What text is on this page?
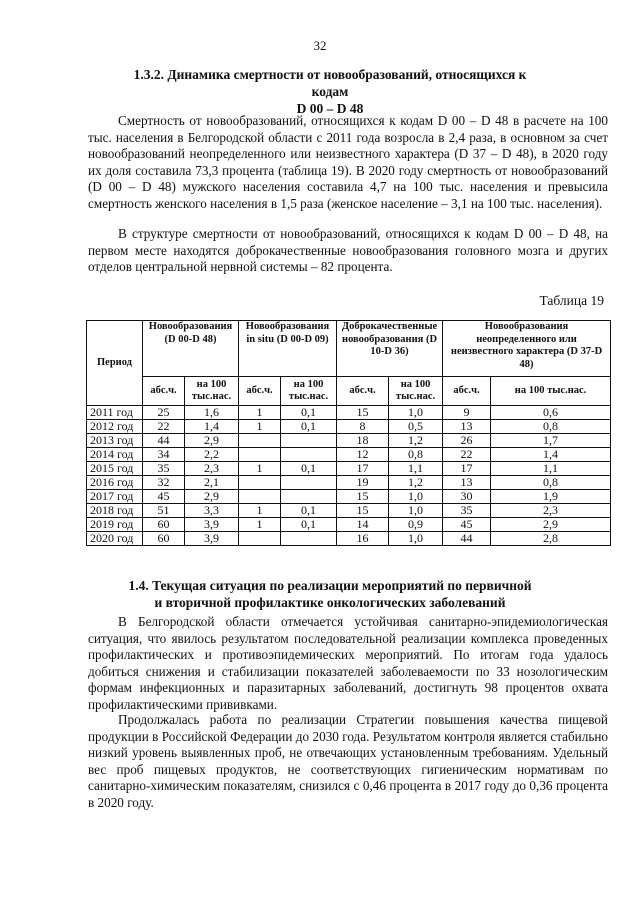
32
1.3.2. Динамика смертности от новообразований, относящихся к кодам
D 00 – D 48

Смертность от новообразований, относящихся к кодам D 00 – D 48 в расчете на 100 тыс. населения в Белгородской области с 2011 года возросла в 2,4 раза, в основном за счет новообразований неопределенного или неизвестного характера (D 37 – D 48), в 2020 году их доля составила 73,3 процента (таблица 19). В 2020 году смертность от новообразований (D 00 – D 48) мужского населения составила 4,7 на 100 тыс. населения и превысила смертность женского населения в 1,5 раза (женское население – 3,1 на 100 тыс. населения).

В структуре смертности от новообразований, относящихся к кодам D 00 – D 48, на первом месте находятся доброкачественные новообразования головного мозга и других отделов центральной нервной системы – 82 процента.

Таблица 19
Период	Новообразования (D 00-D 48)		Новообразования in situ (D 00-D 09)		Доброкачественные новообразования (D 10-D 36)		Новообразования неопределенного или неизвестного характера (D 37-D 48)	
	абс.ч.	на 100 тыс.нас.	абс.ч.	на 100 тыс.нас.	абс.ч.	на 100 тыс.нас.	абс.ч.	на 100 тыс.нас.
2011 год	25	1,6	1	0,1	15	1,0	9	0,6
2012 год	22	1,4	1	0,1	8	0,5	13	0,8
2013 год	44	2,9			18	1,2	26	1,7
2014 год	34	2,2			12	0,8	22	1,4
2015 год	35	2,3	1	0,1	17	1,1	17	1,1
2016 год	32	2,1			19	1,2	13	0,8
2017 год	45	2,9			15	1,0	30	1,9
2018 год	51	3,3	1	0,1	15	1,0	35	2,3
2019 год	60	3,9	1	0,1	14	0,9	45	2,9
2020 год	60	3,9			16	1,0	44	2,8
1.4. Текущая ситуация по реализации мероприятий по первичной
и вторичной профилактике онкологических заболеваний

В Белгородской области отмечается устойчивая санитарно-эпидемиологическая ситуация, что явилось результатом последовательной реализации комплекса проведенных профилактических и противоэпидемических мероприятий. По итогам года удалось добиться снижения и стабилизации показателей заболеваемости по 33 нозологическим формам инфекционных и паразитарных заболеваний, достигнуть 98 процентов охвата профилактическими прививками.

Продолжалась работа по реализации Стратегии повышения качества пищевой продукции в Российской Федерации до 2030 года. Результатом контроля является стабильно низкий уровень выявленных проб, не отвечающих установленным требованиям. Удельный вес проб пищевых продуктов, не соответствующих гигиеническим нормативам по санитарно-химическим показателям, снизился с 0,46 процента в 2017 году до 0,36 процента в 2020 году.
